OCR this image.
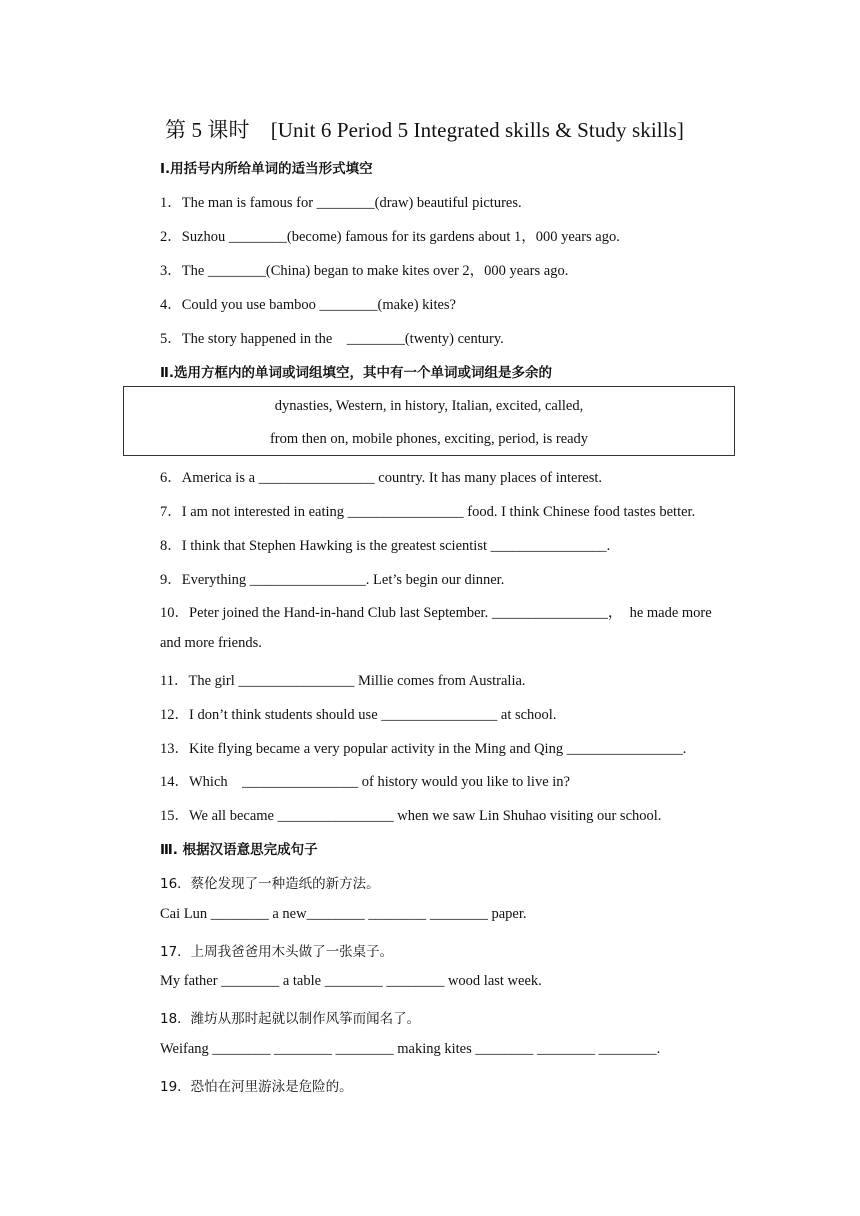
第 5 课时　[Unit 6 Period 5 Integrated skills & Study skills]
Ⅰ.用括号内所给单词的适当形式填空
1．The man is famous for ________(draw) beautiful pictures.
2．Suzhou ________(become) famous for its gardens about 1，000 years ago.
3．The ________(China) began to make kites over 2，000 years ago.
4．Could you use bamboo ________(make) kites?
5．The story happened in the　________(twenty) century.
Ⅱ.选用方框内的单词或词组填空，其中有一个单词或词组是多余的
dynasties, Western, in history, Italian, excited, called,
from then on, mobile phones, exciting, period, is ready
6．America is a ________________ country. It has many places of interest.
7．I am not interested in eating ________________ food. I think Chinese food tastes better.
8．I think that Stephen Hawking is the greatest scientist ________________.
9．Everything ________________. Let’s begin our dinner.
10．Peter joined the Hand-in-hand Club last September. ________________，　he made more
and more friends.
11．The girl ________________ Millie comes from Australia.
12．I don’t think students should use ________________ at school.
13．Kite flying became a very popular activity in the Ming and Qing ________________.
14．Which　________________ of history would you like to live in?
15．We all became ________________ when we saw Lin Shuhao visiting our school.
Ⅲ. 根据汉语意思完成句子
16．蔡伦发现了一种造纸的新方法。
Cai Lun ________ a new________ ________ ________ paper.
17．上周我爸爸用木头做了一张桌子。
My father ________ a table ________ ________ wood last week.
18．潍坊从那时起就以制作风筝而闻名了。
Weifang ________ ________ ________ making kites ________ ________ ________.
19．恐怕在河里游泳是危险的。
